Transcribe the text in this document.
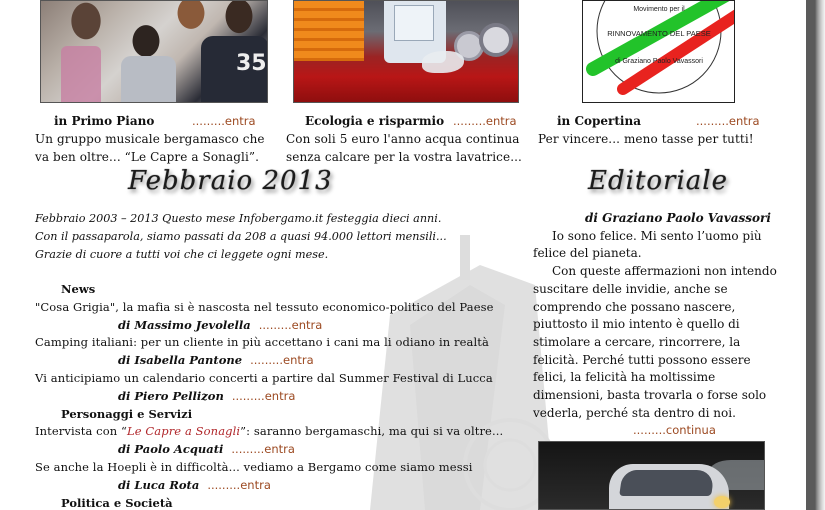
35
in Primo Piano	.........entra
Un gruppo musicale bergamasco che
va ben oltre... “Le Capre a Sonagli”.
Ecologia e risparmio .........entra
Con soli 5 euro l'anno acqua continua
senza calcare per la vostra lavatrice...
Movimento per il
RINNOVAMENTO DEL PAESE
di Graziano Paolo Vavassori
in Copertina	.........entra
Per vincere... meno tasse per tutti!
Febbraio 2013
Febbraio 2003 – 2013 Questo mese Infobergamo.it festeggia dieci anni.
Con il passaparola, siamo passati da 208 a quasi 94.000 lettori mensili...
Grazie di cuore a tutti voi che ci leggete ogni mese.
News
"Cosa Grigia", la mafia si è nascosta nel tessuto economico-politico del Paese
di Massimo Jevolella .........entra
Camping italiani: per un cliente in più accettano i cani ma li odiano in realtà
di Isabella Pantone .........entra
Vi anticipiamo un calendario concerti a partire dal Summer Festival di Lucca
di Piero Pellizon .........entra
Personaggi e Servizi
Intervista con “Le Capre a Sonagli”: saranno bergamaschi, ma qui si va oltre...
di Paolo Acquati .........entra
Se anche la Hoepli è in difficoltà... vediamo a Bergamo come siamo messi
di Luca Rota .........entra
Politica e Società
Editoriale
di Graziano Paolo Vavassori
Io sono felice. Mi sento l’uomo più felice del pianeta.
Con queste affermazioni non intendo suscitare delle invidie, anche se comprendo che possano nascere, piuttosto il mio intento è quello di stimolare a cercare, rincorrere, la felicità. Perché tutti possono essere felici, la felicità ha moltissime dimensioni, basta trovarla o forse solo vederla, perché sta dentro di noi.
.........continua
